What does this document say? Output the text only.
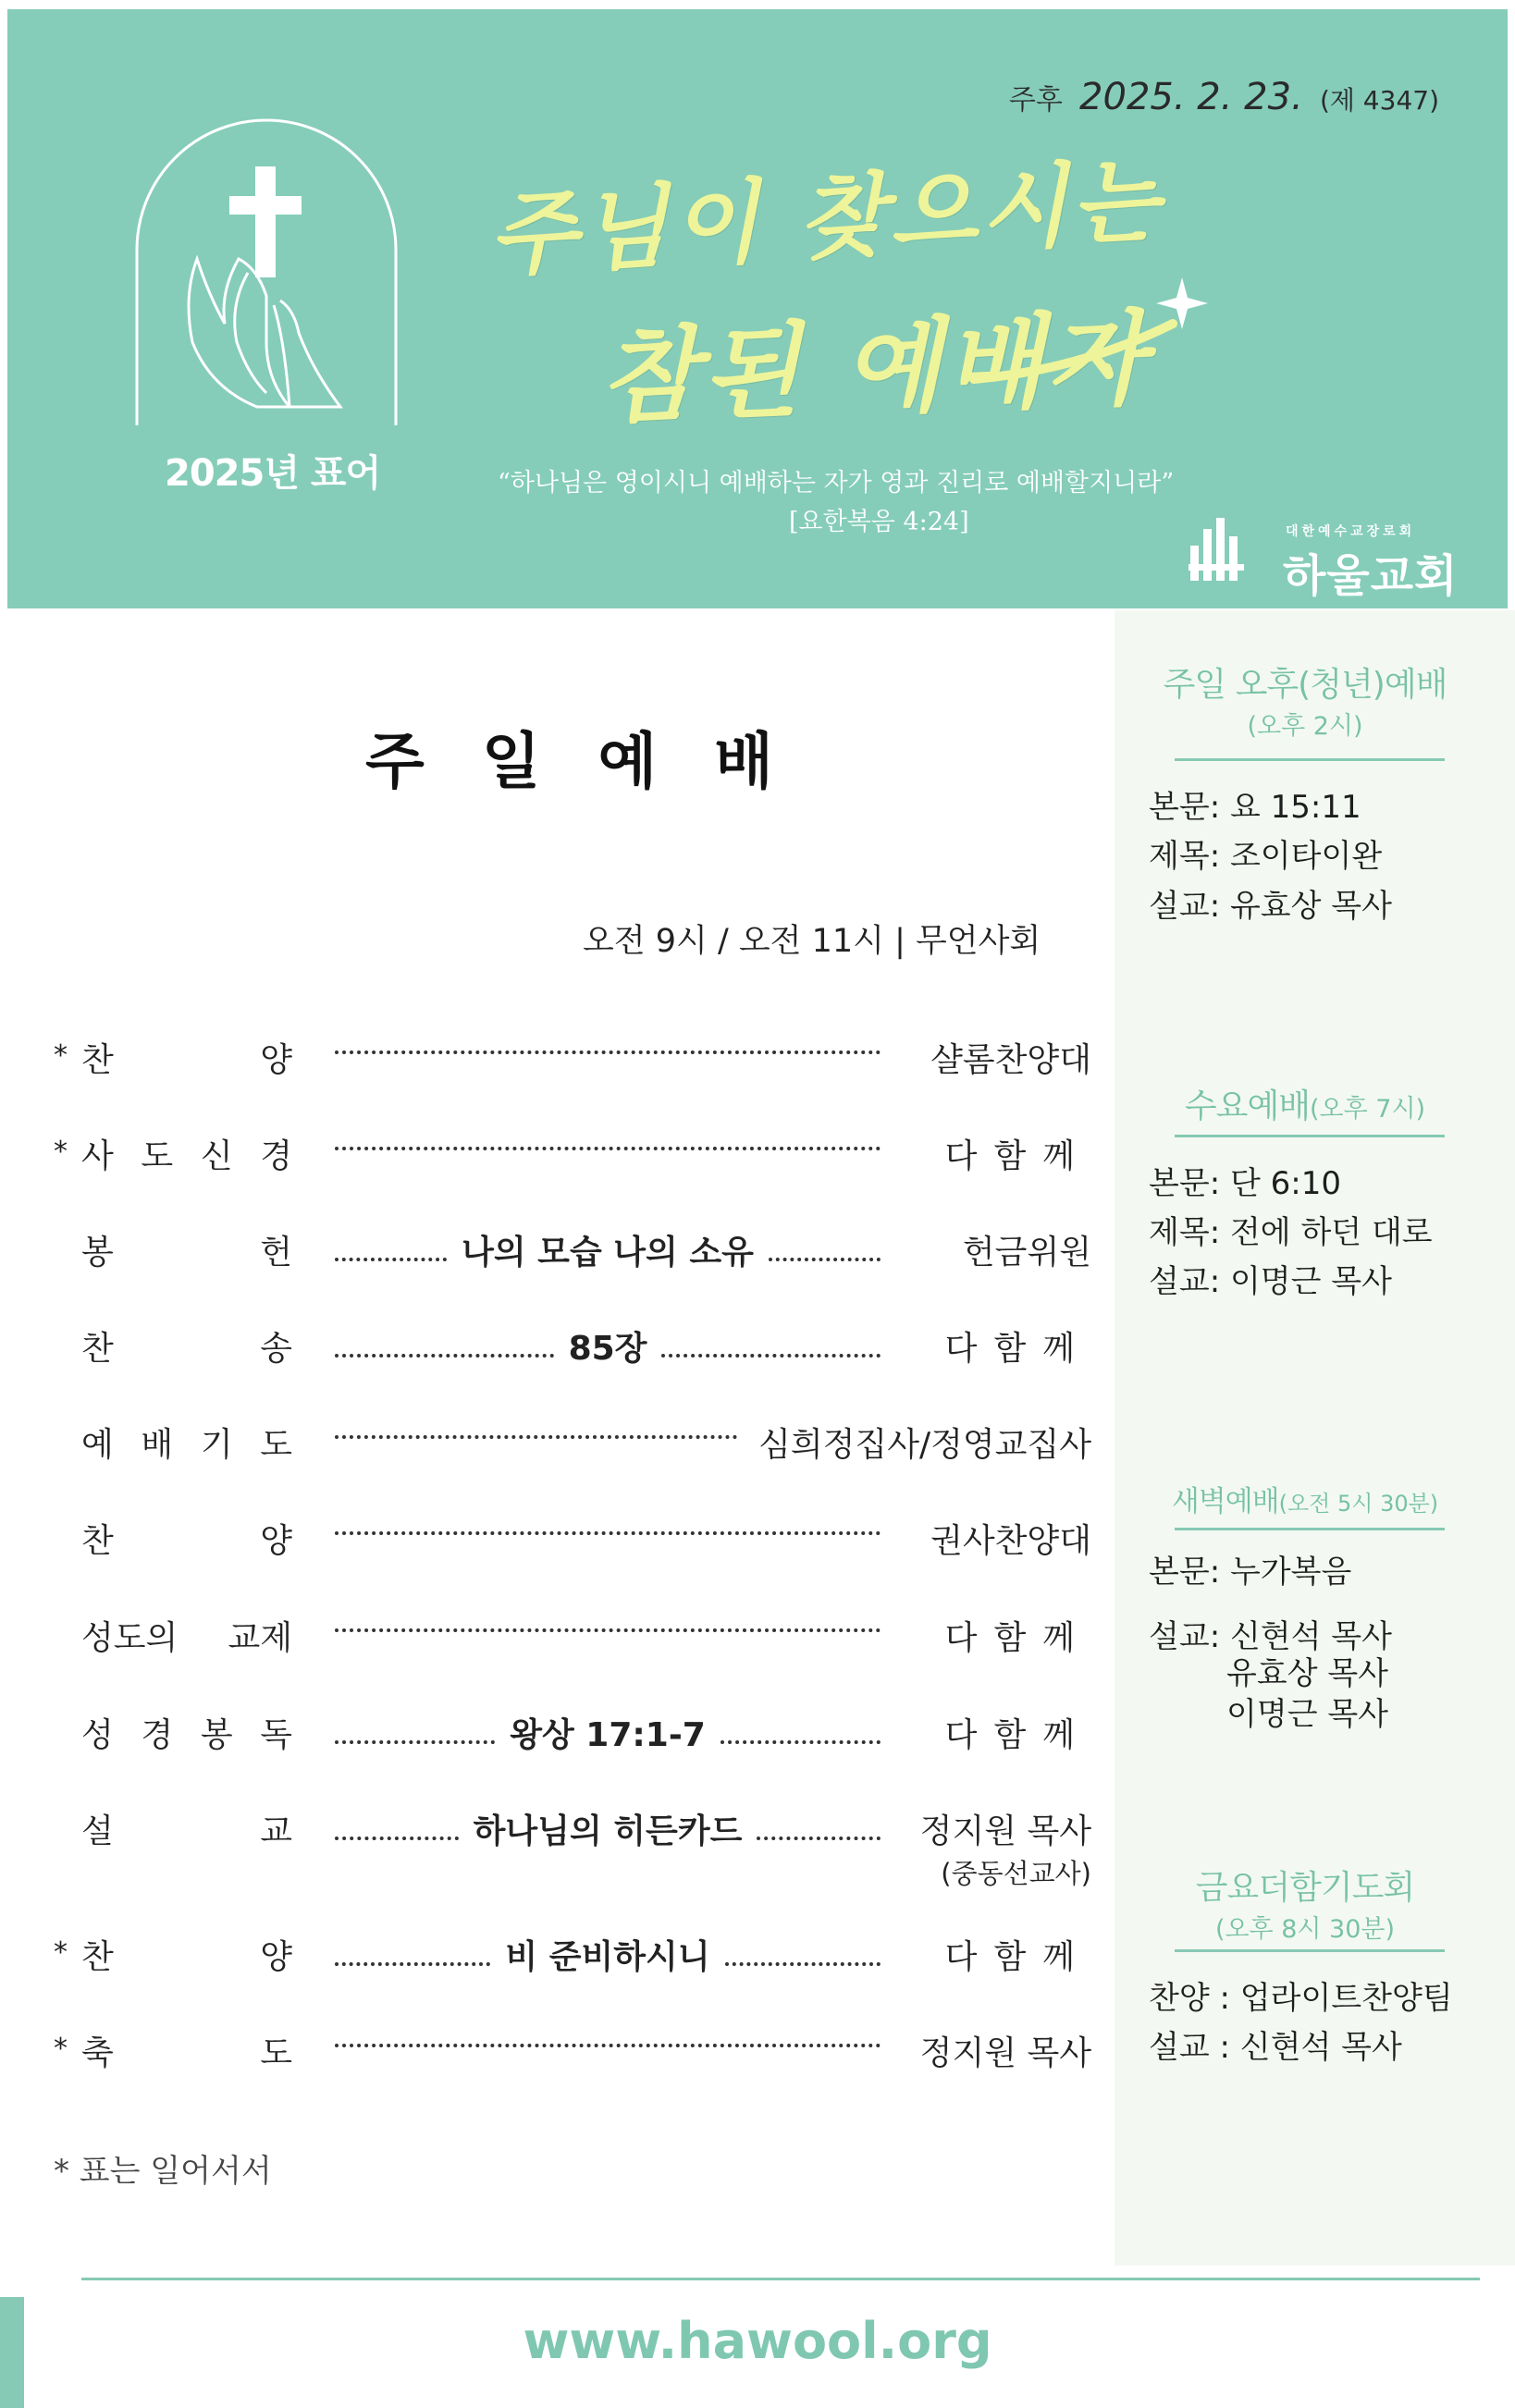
주후 2025. 2. 23. (제 4347)
2025년 표어
주님이 찾으시는
참된 예배자
“하나님은 영이시니 예배하는 자가 영과 진리로 예배할지니라”
[요한복음 4:24]	대한예수교장로회
하울교회
주일예배
오전 9시 / 오전 11시 | 무언사회
* 찬	양	샬롬찬양대
* 사 도 신 경	다함께
봉	헌	나의 모습 나의 소유	헌금위원
찬	송	85장	다함께
예 배 기 도	심희정집사/정영교집사
찬	양	권사찬양대
성도의 교제	다함께
성 경 봉 독	왕상 17:1-7	다함께
설	교	하나님의 히든카드	정지원 목사
(중동선교사)
* 찬	양	비 준비하시니	다함께
* 축	도	정지원 목사
* 표는 일어서서
주일 오후(청년)예배
(오후 2시)
본문: 요 15:11
제목: 조이타이완
설교: 유효상 목사
수요예배(오후 7시)
본문: 단 6:10
제목: 전에 하던 대로
설교: 이명근 목사
새벽예배(오전 5시 30분)
본문: 누가복음
설교: 신현석 목사
유효상 목사
이명근 목사
금요더함기도회
(오후 8시 30분)
찬양 : 업라이트찬양팀
설교 : 신현석 목사
www.hawool.org
